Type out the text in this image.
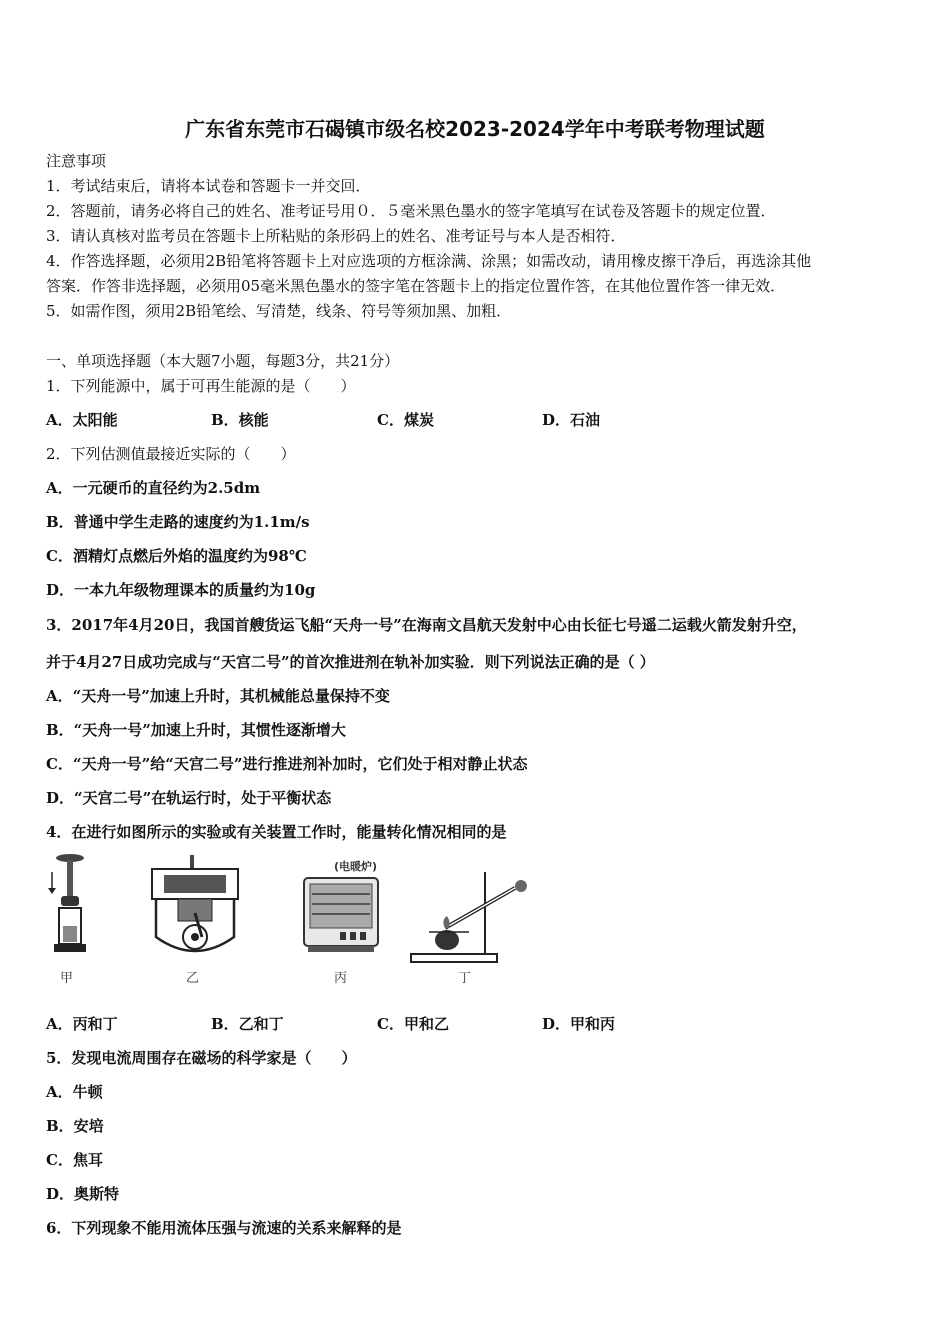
广东省东莞市石碣镇市级名校2023-2024学年中考联考物理试题
注意事项
1．考试结束后，请将本试卷和答题卡一并交回．
2．答题前，请务必将自己的姓名、准考证号用０．５毫米黑色墨水的签字笔填写在试卷及答题卡的规定位置．
3．请认真核对监考员在答题卡上所粘贴的条形码上的姓名、准考证号与本人是否相符．
4．作答选择题，必须用2B铅笔将答题卡上对应选项的方框涂满、涂黑；如需改动，请用橡皮擦干净后，再选涂其他
答案．作答非选择题，必须用05毫米黑色墨水的签字笔在答题卡上的指定位置作答，在其他位置作答一律无效．
5．如需作图，须用2B铅笔绘、写清楚，线条、符号等须加黑、加粗．
一、单项选择题（本大题7小题，每题3分，共21分）
1．下列能源中，属于可再生能源的是（　　）
A．太阳能	B．核能	C．煤炭	D．石油
2．下列估测值最接近实际的（　　）
A．一元硬币的直径约为2.5dm
B．普通中学生走路的速度约为1.1m/s
C．酒精灯点燃后外焰的温度约为98℃
D．一本九年级物理课本的质量约为10g
3．2017年4月20日，我国首艘货运飞船“天舟一号”在海南文昌航天发射中心由长征七号遥二运载火箭发射升空，
并于4月27日成功完成与“天宫二号”的首次推进剂在轨补加实验．则下列说法正确的是（ ）
A．“天舟一号”加速上升时，其机械能总量保持不变
B．“天舟一号”加速上升时，其惯性逐渐增大
C．“天舟一号”给“天宫二号”进行推进剂补加时，它们处于相对静止状态
D．“天宫二号”在轨运行时，处于平衡状态
4．在进行如图所示的实验或有关装置工作时，能量转化情况相同的是
甲	乙
(电暖炉)
丙	丁
A．丙和丁	B．乙和丁	C．甲和乙	D．甲和丙
5．发现电流周围存在磁场的科学家是（　　）
A．牛顿
B．安培
C．焦耳
D．奥斯特
6．下列现象不能用流体压强与流速的关系来解释的是
